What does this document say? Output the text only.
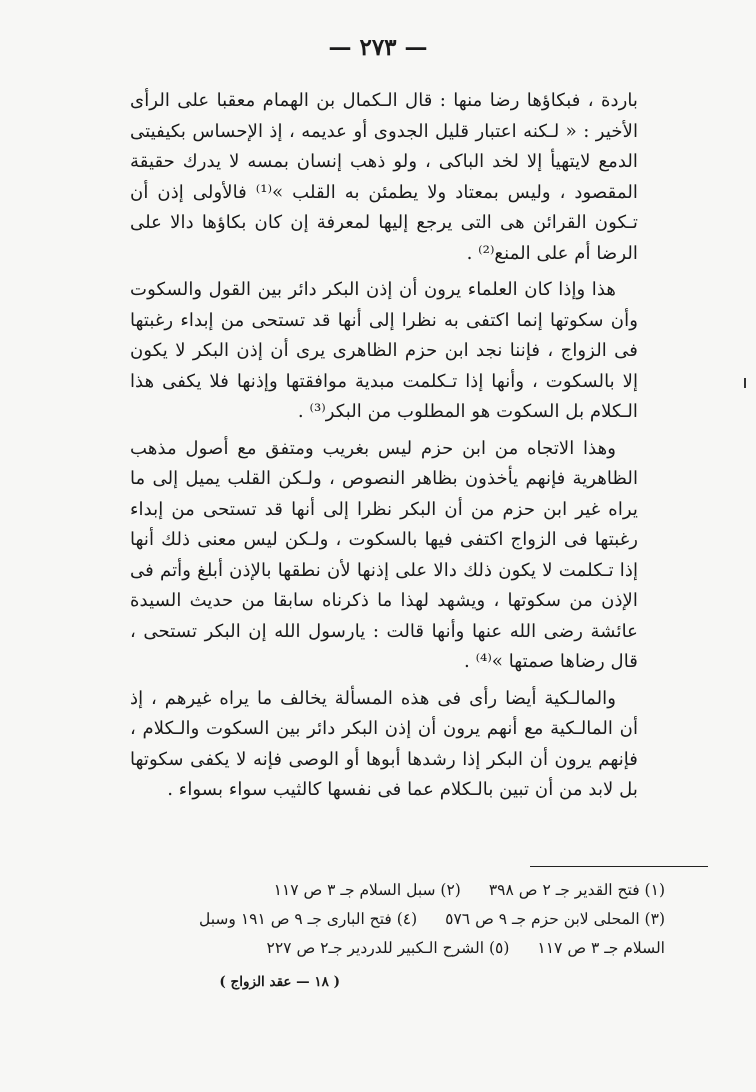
— ٢٧٣ —

باردة ، فبكاؤها رضا منها : قال الـكمال بن الهمام معقبا على الرأى الأخير : « لـكنه اعتبار قليل الجدوى أو عديمه ، إذ الإحساس بكيفيتى الدمع لايتهيأ إلا لخد الباكى ، ولو ذهب إنسان بمسه لا يدرك حقيقة المقصود ، وليس بمعتاد ولا يطمئن به القلب »⁽¹⁾ فالأولى إذن أن تـكون القرائن هى التى يرجع إليها لمعرفة إن كان بكاؤها دالا على الرضا أم على المنع⁽²⁾ .

هذا وإذا كان العلماء يرون أن إذن البكر دائر بين القول والسكوت وأن سكوتها إنما اكتفى به نظرا إلى أنها قد تستحى من إبداء رغبتها فى الزواج ، فإننا نجد ابن حزم الظاهرى يرى أن إذن البكر لا يكون إلا بالسكوت ، وأنها إذا تـكلمت مبدية موافقتها وإذنها فلا يكفى هذا الـكلام بل السكوت هو المطلوب من البكر⁽³⁾ .

وهذا الاتجاه من ابن حزم ليس بغريب ومتفق مع أصول مذهب الظاهرية فإنهم يأخذون بظاهر النصوص ، ولـكن القلب يميل إلى ما يراه غير ابن حزم من أن البكر نظرا إلى أنها قد تستحى من إبداء رغبتها فى الزواج اكتفى فيها بالسكوت ، ولـكن ليس معنى ذلك أنها إذا تـكلمت لا يكون ذلك دالا على إذنها لأن نطقها بالإذن أبلغ وأتم فى الإذن من سكوتها ، ويشهد لهذا ما ذكرناه سابقا من حديث السيدة عائشة رضى الله عنها وأنها قالت : يارسول الله إن البكر تستحى ، قال رضاها صمتها »⁽⁴⁾ .

والمالـكية أيضا رأى فى هذه المسألة يخالف ما يراه غيرهم ، إذ أن المالـكية مع أنهم يرون أن إذن البكر دائر بين السكوت والـكلام ، فإنهم يرون أن البكر إذا رشدها أبوها أو الوصى فإنه لا يكفى سكوتها بل لابد من أن تبين بالـكلام عما فى نفسها كالثيب سواء بسواء .

(١) فتح القدير جـ ٢ ص ٣٩٨(٢) سبل السلام جـ ٣ ص ١١٧
(٣) المحلى لابن حزم جـ ٩ ص ٥٧٦(٤) فتح البارى جـ ٩ ص ١٩١ وسبل
السلام جـ ٣ ص ١١٧(٥) الشرح الـكبير للدردير جـ٢ ص ٢٢٧
( ١٨ — عقد الزواج )
